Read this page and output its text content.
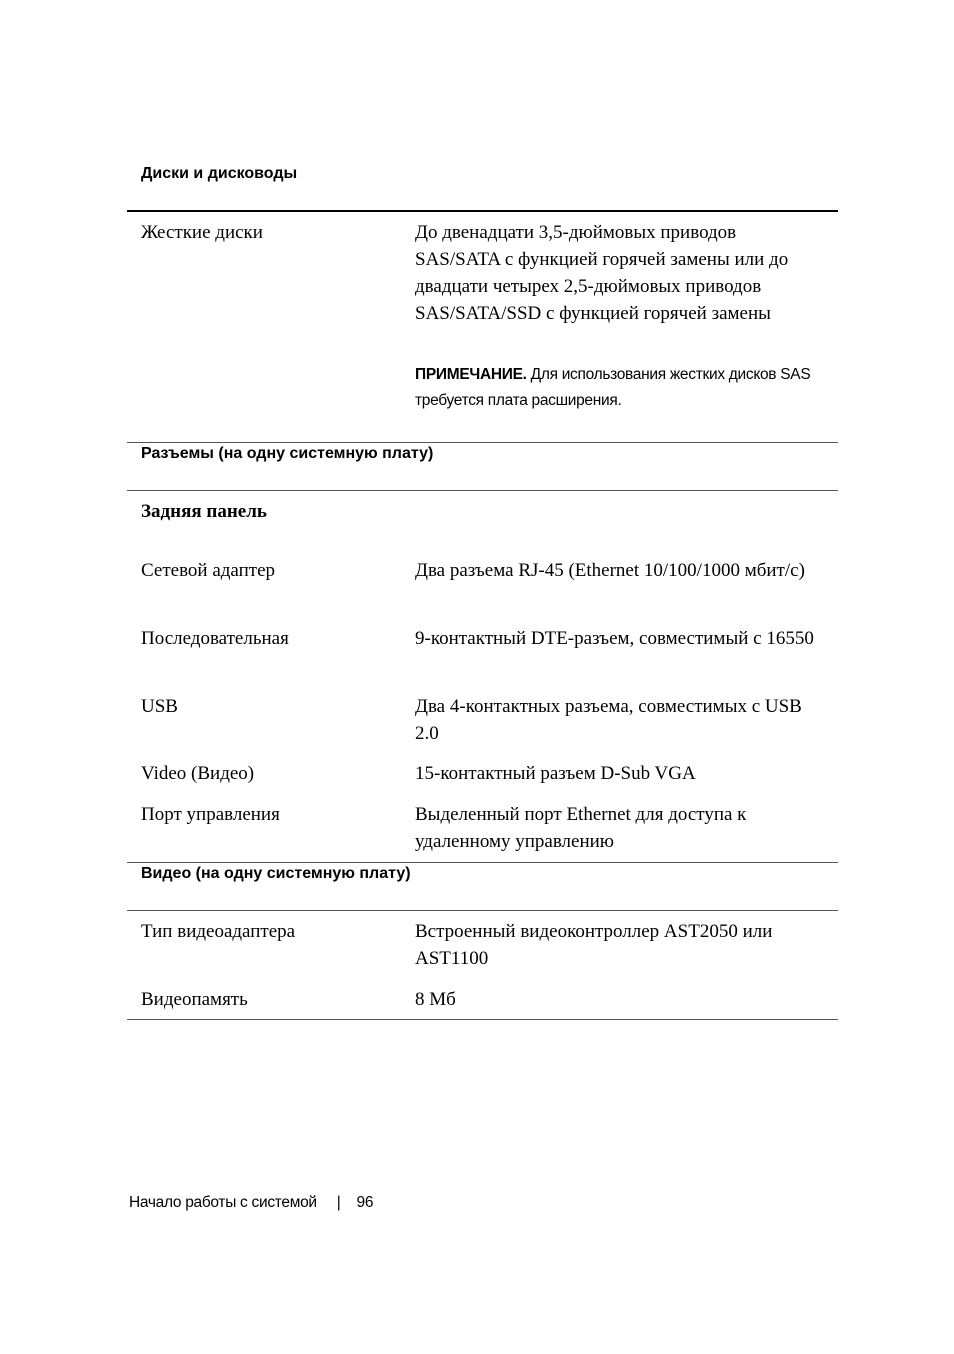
Диски и дисководы

Жесткие диски	До двенадцати 3,5-дюймовых приводов SAS/SATA с функцией горячей замены или до двадцати четырех 2,5-дюймовых приводов SAS/SATA/SSD с функцией горячей замены

ПРИМЕЧАНИЕ. Для использования жестких дисков SAS требуется плата расширения.

Разъемы (на одну системную плату)

Задняя панель

Сетевой адаптер	Два разъема RJ-45 (Ethernet 10/100/1000 мбит/с)

Последовательная	9-контактный DTE-разъем, совместимый с 16550

USB	Два 4-контактных разъема, совместимых с USB 2.0

Video (Видео)	15-контактный разъем D-Sub VGA

Порт управления	Выделенный порт Ethernet для доступа к удаленному управлению

Видео (на одну системную плату)

Тип видеоадаптера	Встроенный видеоконтроллер AST2050 или AST1100

Видеопамять	8 Мб

Начало работы с системой | 96
